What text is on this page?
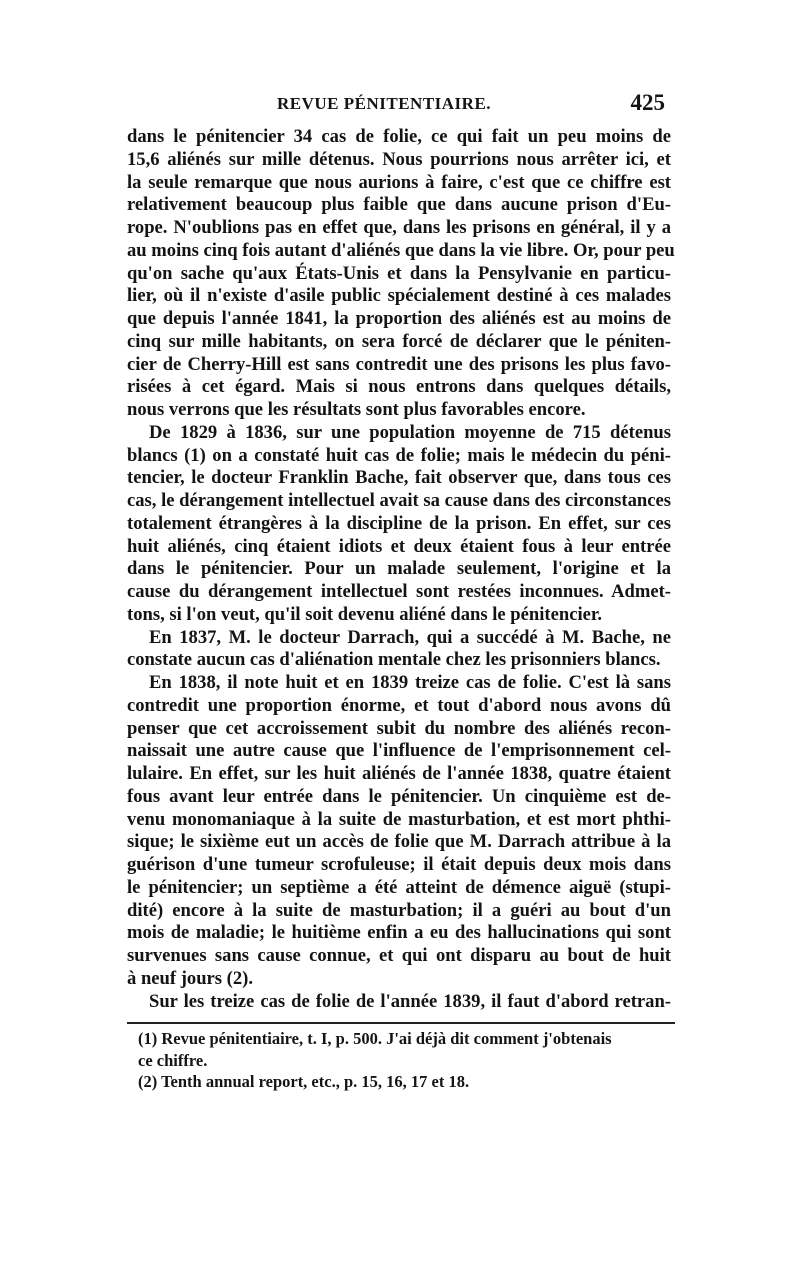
REVUE PÉNITENTIAIRE.	425
dans le pénitencier 34 cas de folie, ce qui fait un peu moins de
15,6 aliénés sur mille détenus. Nous pourrions nous arrêter ici, et
la seule remarque que nous aurions à faire, c'est que ce chiffre est
relativement beaucoup plus faible que dans aucune prison d'Eu-
rope. N'oublions pas en effet que, dans les prisons en général, il y a
au moins cinq fois autant d'aliénés que dans la vie libre. Or, pour peu
qu'on sache qu'aux États-Unis et dans la Pensylvanie en particu-
lier, où il n'existe d'asile public spécialement destiné à ces malades
que depuis l'année 1841, la proportion des aliénés est au moins de
cinq sur mille habitants, on sera forcé de déclarer que le péniten-
cier de Cherry-Hill est sans contredit une des prisons les plus favo-
risées à cet égard. Mais si nous entrons dans quelques détails,
nous verrons que les résultats sont plus favorables encore.
De 1829 à 1836, sur une population moyenne de 715 détenus
blancs (1) on a constaté huit cas de folie; mais le médecin du péni-
tencier, le docteur Franklin Bache, fait observer que, dans tous ces
cas, le dérangement intellectuel avait sa cause dans des circonstances
totalement étrangères à la discipline de la prison. En effet, sur ces
huit aliénés, cinq étaient idiots et deux étaient fous à leur entrée
dans le pénitencier. Pour un malade seulement, l'origine et la
cause du dérangement intellectuel sont restées inconnues. Admet-
tons, si l'on veut, qu'il soit devenu aliéné dans le pénitencier.
En 1837, M. le docteur Darrach, qui a succédé à M. Bache, ne
constate aucun cas d'aliénation mentale chez les prisonniers blancs.
En 1838, il note huit et en 1839 treize cas de folie. C'est là sans
contredit une proportion énorme, et tout d'abord nous avons dû
penser que cet accroissement subit du nombre des aliénés recon-
naissait une autre cause que l'influence de l'emprisonnement cel-
lulaire. En effet, sur les huit aliénés de l'année 1838, quatre étaient
fous avant leur entrée dans le pénitencier. Un cinquième est de-
venu monomaniaque à la suite de masturbation, et est mort phthi-
sique; le sixième eut un accès de folie que M. Darrach attribue à la
guérison d'une tumeur scrofuleuse; il était depuis deux mois dans
le pénitencier; un septième a été atteint de démence aiguë (stupi-
dité) encore à la suite de masturbation; il a guéri au bout d'un
mois de maladie; le huitième enfin a eu des hallucinations qui sont
survenues sans cause connue, et qui ont disparu au bout de huit
à neuf jours (2).
Sur les treize cas de folie de l'année 1839, il faut d'abord retran-
(1) Revue pénitentiaire, t. I, p. 500. J'ai déjà dit comment j'obtenais
ce chiffre.
(2) Tenth annual report, etc., p. 15, 16, 17 et 18.
